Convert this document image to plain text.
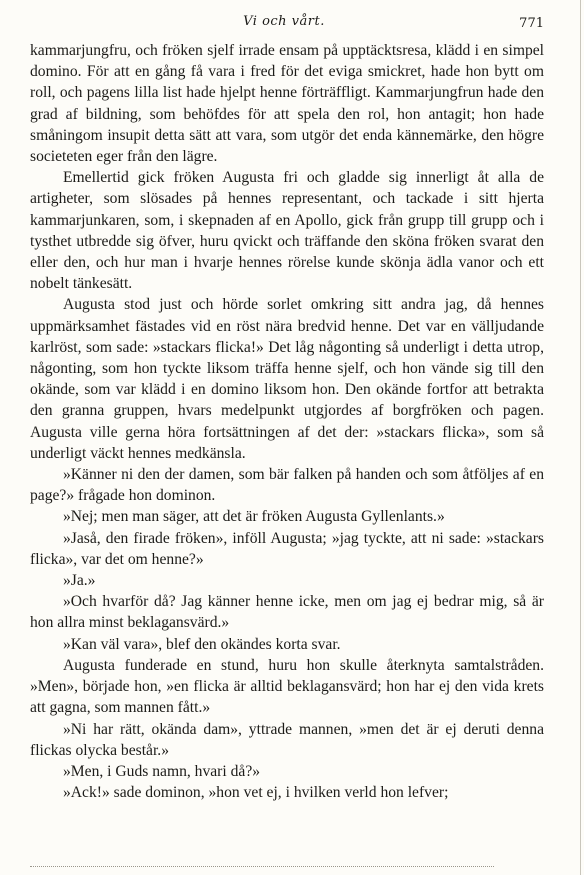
Vi och vårt.	771

kammarjungfru, och fröken sjelf irrade ensam på upptäcktsresa, klädd i en simpel domino. För att en gång få vara i fred för det eviga smickret, hade hon bytt om roll, och pagens lilla list hade hjelpt henne förträffligt. Kammarjungfrun hade den grad af bildning, som behöfdes för att spela den rol, hon antagit; hon hade småningom insupit detta sätt att vara, som utgör det enda kännemärke, den högre societeten eger från den lägre.

Emellertid gick fröken Augusta fri och gladde sig innerligt åt alla de artigheter, som slösades på hennes representant, och tackade i sitt hjerta kammarjunkaren, som, i skepnaden af en Apollo, gick från grupp till grupp och i tysthet utbredde sig öfver, huru qvickt och träffande den sköna fröken svarat den eller den, och hur man i hvarje hennes rörelse kunde skönja ädla vanor och ett nobelt tänkesätt.

Augusta stod just och hörde sorlet omkring sitt andra jag, då hennes uppmärksamhet fästades vid en röst nära bredvid henne. Det var en välljudande karlröst, som sade: »stackars flicka!» Det låg någonting så underligt i detta utrop, någonting, som hon tyckte liksom träffa henne sjelf, och hon vände sig till den okände, som var klädd i en domino liksom hon. Den okände fortfor att betrakta den granna gruppen, hvars medelpunkt utgjordes af borgfröken och pagen. Augusta ville gerna höra fortsättningen af det der: »stackars flicka», som så underligt väckt hennes medkänsla.

»Känner ni den der damen, som bär falken på handen och som åtföljes af en page?» frågade hon dominon.

»Nej; men man säger, att det är fröken Augusta Gyllenlants.»

»Jaså, den firade fröken», inföll Augusta; »jag tyckte, att ni sade: »stackars flicka», var det om henne?»

»Ja.»

»Och hvarför då? Jag känner henne icke, men om jag ej bedrar mig, så är hon allra minst beklagansvärd.»

»Kan väl vara», blef den okändes korta svar.

Augusta funderade en stund, huru hon skulle återknyta samtalstråden. »Men», började hon, »en flicka är alltid beklagansvärd; hon har ej den vida krets att gagna, som mannen fått.»

»Ni har rätt, okända dam», yttrade mannen, »men det är ej deruti denna flickas olycka består.»

»Men, i Guds namn, hvari då?»

»Ack!» sade dominon, »hon vet ej, i hvilken verld hon lefver;
